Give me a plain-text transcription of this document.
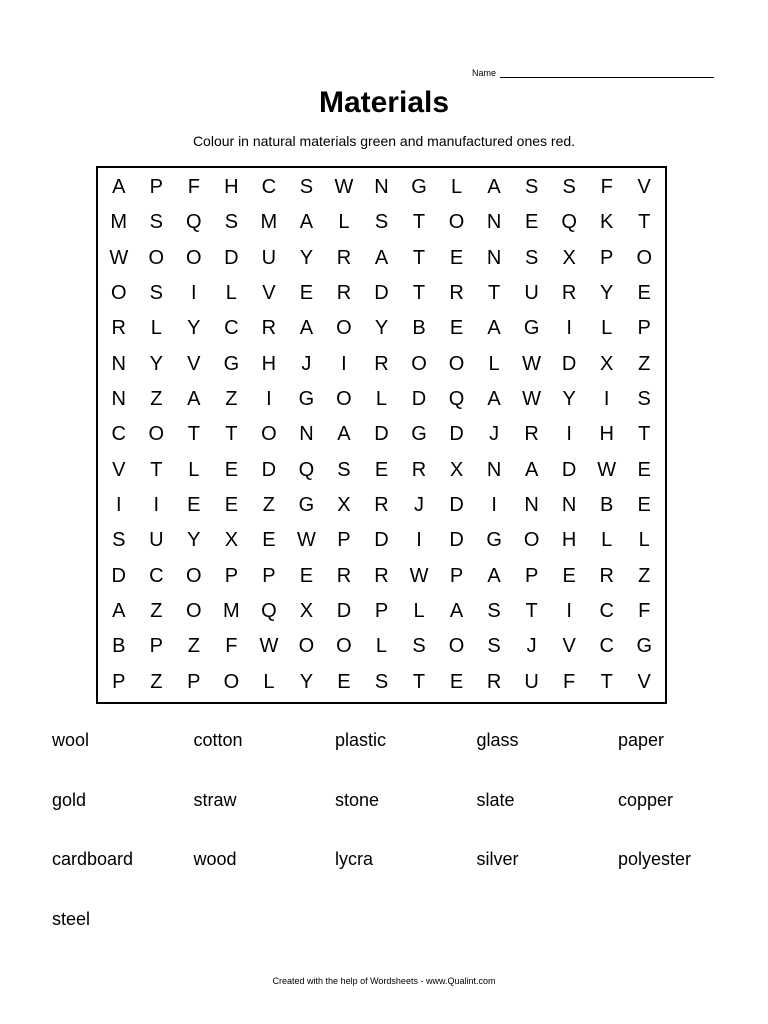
Name
Materials
Colour in natural materials green and manufactured ones red.
A	P	F	H	C	S	W	N	G	L	A	S	S	F	V
M	S	Q	S	M	A	L	S	T	O	N	E	Q	K	T
W	O	O	D	U	Y	R	A	T	E	N	S	X	P	O
O	S	I	L	V	E	R	D	T	R	T	U	R	Y	E
R	L	Y	C	R	A	O	Y	B	E	A	G	I	L	P
N	Y	V	G	H	J	I	R	O	O	L	W	D	X	Z
N	Z	A	Z	I	G	O	L	D	Q	A	W	Y	I	S
C	O	T	T	O	N	A	D	G	D	J	R	I	H	T
V	T	L	E	D	Q	S	E	R	X	N	A	D	W	E
I	I	E	E	Z	G	X	R	J	D	I	N	N	B	E
S	U	Y	X	E	W	P	D	I	D	G	O	H	L	L
D	C	O	P	P	E	R	R	W	P	A	P	E	R	Z
A	Z	O	M	Q	X	D	P	L	A	S	T	I	C	F
B	P	Z	F	W	O	O	L	S	O	S	J	V	C	G
P	Z	P	O	L	Y	E	S	T	E	R	U	F	T	V
wool	cotton	plastic	glass	paper
gold	straw	stone	slate	copper
cardboard	wood	lycra	silver	polyester
steel
Created with the help of Wordsheets - www.Qualint.com
